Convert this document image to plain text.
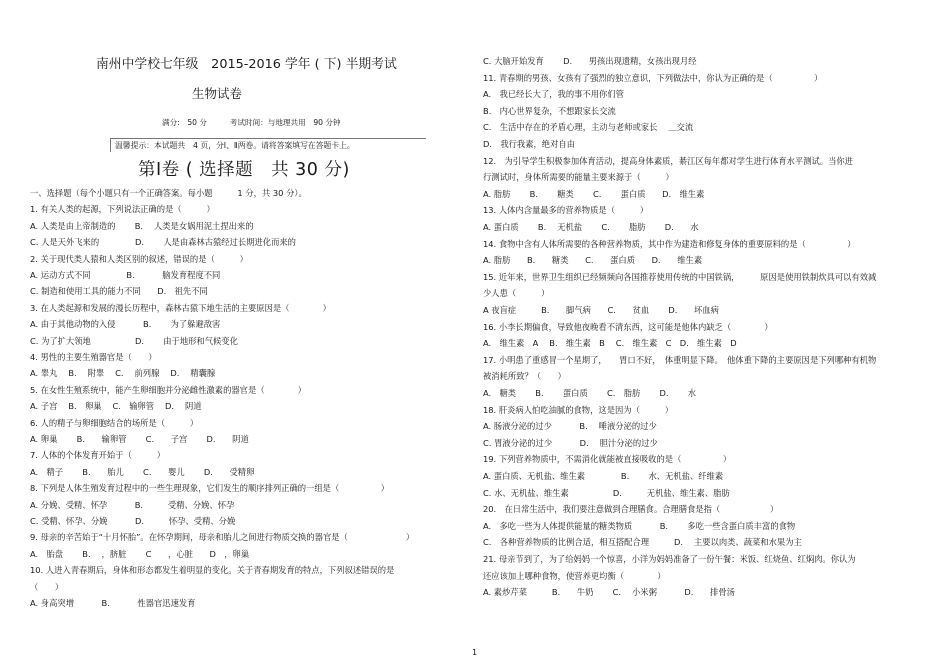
南州中学校七年级　2015-2016 学年 ( 下) 半期考试
生物试卷
满分:　50 分　　　考试时间：与地理共用　90 分钟
温馨提示：本试题共　4 页，分Ⅰ、Ⅱ两卷。请将答案填写在答题卡上。
第Ⅰ卷 ( 选择题　共 30 分)
一、选择题（每个小题只有一个正确答案。每小题　　　1 分，共 30 分）。
1. 有关人类的起源，下列说法正确的是（　　　）
A. 人类是由上帝制造的　　 B.　 人类是女娲用泥土捏出来的
C. 人是天外飞来的　　　　 D.　　 人是由森林古猿经过长期进化而来的
2. 关于现代类人猿和人类区别的叙述，错误的是（　　　）
A. 运动方式不同　　　　 B.　　　 脑发育程度不同
C. 制造和使用工具的能力不同　　D.　祖先不同
3. 在人类起源和发展的漫长历程中，森林古猿下地生活的主要原因是（　　　　）
A. 由于其他动物的入侵　　　 B.　　 为了躲避敌害
C. 为了扩大领地　　　　　 D.　　 由于地形和气候变化
4. 男性的主要生殖器官是（　　）
A. 睾丸　 B.　 附睾　 C.　 前列腺　 D.　 精囊腺
5. 在女性生殖系统中，能产生卵细胞并分泌雌性激素的器官是（　　　　）
A. 子宫　 B.　卵巢　 C.　输卵管　 D.　 阴道
6. 人的精子与卵细胞结合的场所是（　　　）
A. 卵巢　　 B.　　输卵管　　 C.　　子宫　　 D.　　阴道
7. 人体的个体发育开始于（　　　）
A.　精子　　 B.　　胎儿　　 C.　　婴儿　　 D.　　受精卵
8. 下列是人体生殖发育过程中的一些生理现象，它们发生的顺序排列正确的一组是（　　　　　）
A. 分娩、受精、怀孕　　　 B.　　　受精、分娩、怀孕
C. 受精、怀孕、分娩　　　 D.　　　怀孕、受精、分娩
9. 母亲的辛苦始于“十月怀胎”。在怀孕期间，母亲和胎儿之间进行物质交换的器官是（　　　　　　　）
A.　胎盘　　 B.　 ，脐脏　　 C　　，心脏　　D　，卵巢
10. 人进入青春期后，身体和形态都发生着明显的变化。关于青春期发育的特点，下列叙述错误的是
（　　）
A. 身高突增　　　 B.　　　 性器官迅速发育
C. 大脑开始发育　　 D.　　男孩出现遗精，女孩出现月经
11. 青春期的男孩、女孩有了强烈的独立意识，下列做法中，你认为正确的是（　　　　　）
A.　我已经长大了，我的事不用你们管
B.　内心世界复杂，不想跟家长交流
C.　生活中存在的矛盾心理，主动与老师或家长　 ＿交流
D.　我行我素，绝对自由
12.　为引导学生积极参加体育活动，提高身体素质，綦江区每年都对学生进行体育水平测试。当你进
行测试时，身体所需要的能量主要来源于（　　　）
A. 脂肪　　 B.　　 糖类　　 C.　　 蛋白质　　D.　维生素
13. 人体内含量最多的营养物质是（　　　）
A. 蛋白质　　 B.　 无机盐　　 C.　　 脂肪　　 D.　　水
14. 食物中含有人体所需要的各种营养物质，其中作为建造和修复身体的重要原料的是（　　　　　）
A. 脂肪　　B.　　糖类　　C.　　蛋白质　　D.　　维生素
15. 近年来，世界卫生组织已经频频向各国推荐使用传统的中国铁锅，　　　原因是使用铁制炊具可以有效减
少人患（　　　）
A 夜盲症　　　B.　　脚气病　　C.　　贫血　　 D.　　坏血病
16. 小李长期偏食，导致他夜晚看不清东西，这可能是他体内缺乏（　　　　）
A.　维生素　A　 B.　维生素　B　 C.　维生素　C　D.　维生素　D
17. 小明患了重感冒一个星期了，　　胃口不好，　体重明显下降。　他体重下降的主要原因是下列哪种有机物
被消耗所致？（　　）
A.　糖类　　 B.　　 蛋白质　　 C.　脂肪　　 D.　　 水
18. 肝炎病人怕吃油腻的食物，这是因为（　　　）
A. 肠液分泌的过少　　　 B.　 唾液分泌的过少
C. 胃液分泌的过少　　　 D.　 胆汁分泌的过少
19. 下列营养物质中，不需消化就能被直接吸收的是（　　　　　）
A. 蛋白质、无机盐、维生素　　　　 B.　　 水、无机盐、纤维素
C. 水、无机盐、维生素　　　　　 D.　　　无机盐、维生素、脂肪
20.　在日常生活中，我们要注意做到合理膳食。合理膳食是指（　　　　　　）
A.　多吃一些为人体提供能量的糖类物质　　　 B.　　 多吃一些含蛋白质丰富的食物
C.　各种营养物质的比例合适，相互搭配合理　　　D.　 主要以肉类、蔬菜和水果为主
21. 母亲节到了，为了给妈妈一个惊喜，小洋为妈妈准备了一份午餐：米饭、红烧鱼、红焖肉。你认为
还应该加上哪种食物，使营养更均衡（　　　　）
A. 素炒芹菜　　　B.　　牛奶　　 C.　 小米粥　　　 D.　　排骨汤
1
